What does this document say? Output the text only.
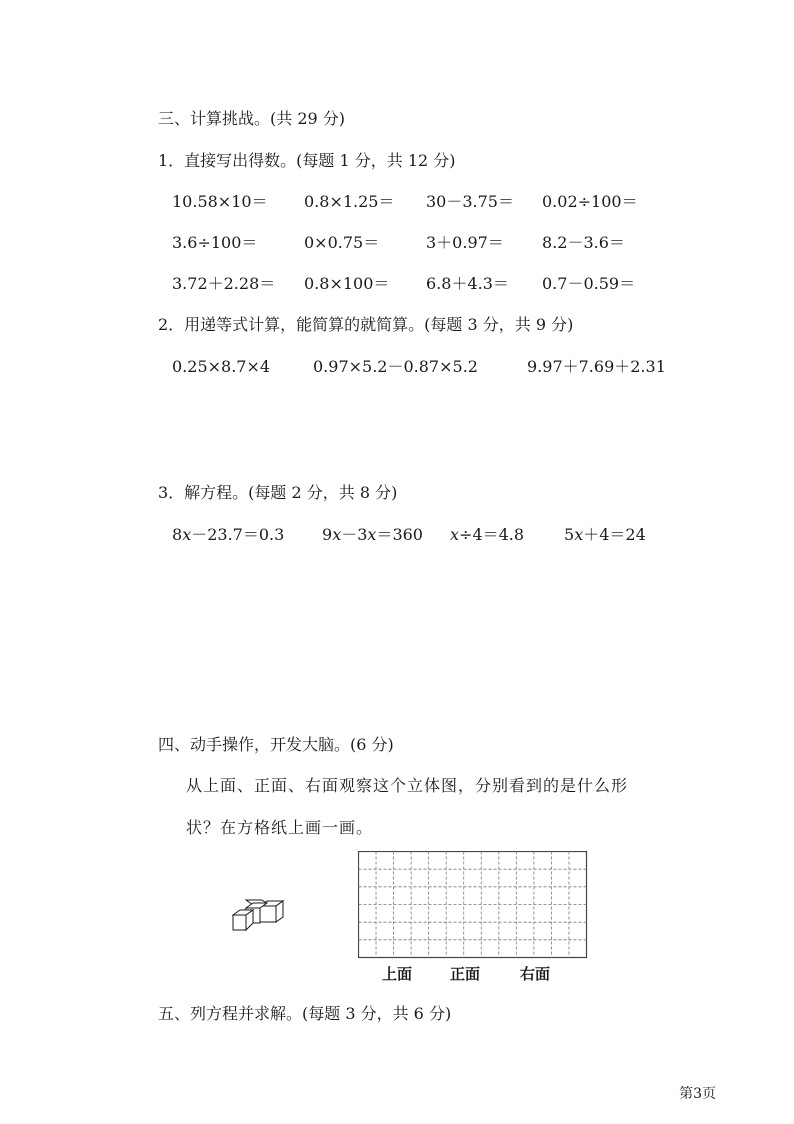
三、计算挑战。(共 29 分)
1．直接写出得数。(每题 1 分，共 12 分)
10.58×10＝	0.8×1.25＝	30－3.75＝	0.02÷100＝
3.6÷100＝	0×0.75＝	3＋0.97＝	8.2－3.6＝
3.72＋2.28＝	0.8×100＝	6.8＋4.3＝	0.7－0.59＝
2．用递等式计算，能简算的就简算。(每题 3 分，共 9 分)
0.25×8.7×4	0.97×5.2－0.87×5.2	9.97＋7.69＋2.31
3．解方程。(每题 2 分，共 8 分)
8x－23.7＝0.3	9x－3x＝360	x÷4＝4.8	5x＋4＝24
四、动手操作，开发大脑。(6 分)
从上面、正面、右面观察这个立体图，分别看到的是什么形
状？在方格纸上画一画。
上面	正面	右面
五、列方程并求解。(每题 3 分，共 6 分)
第3页
